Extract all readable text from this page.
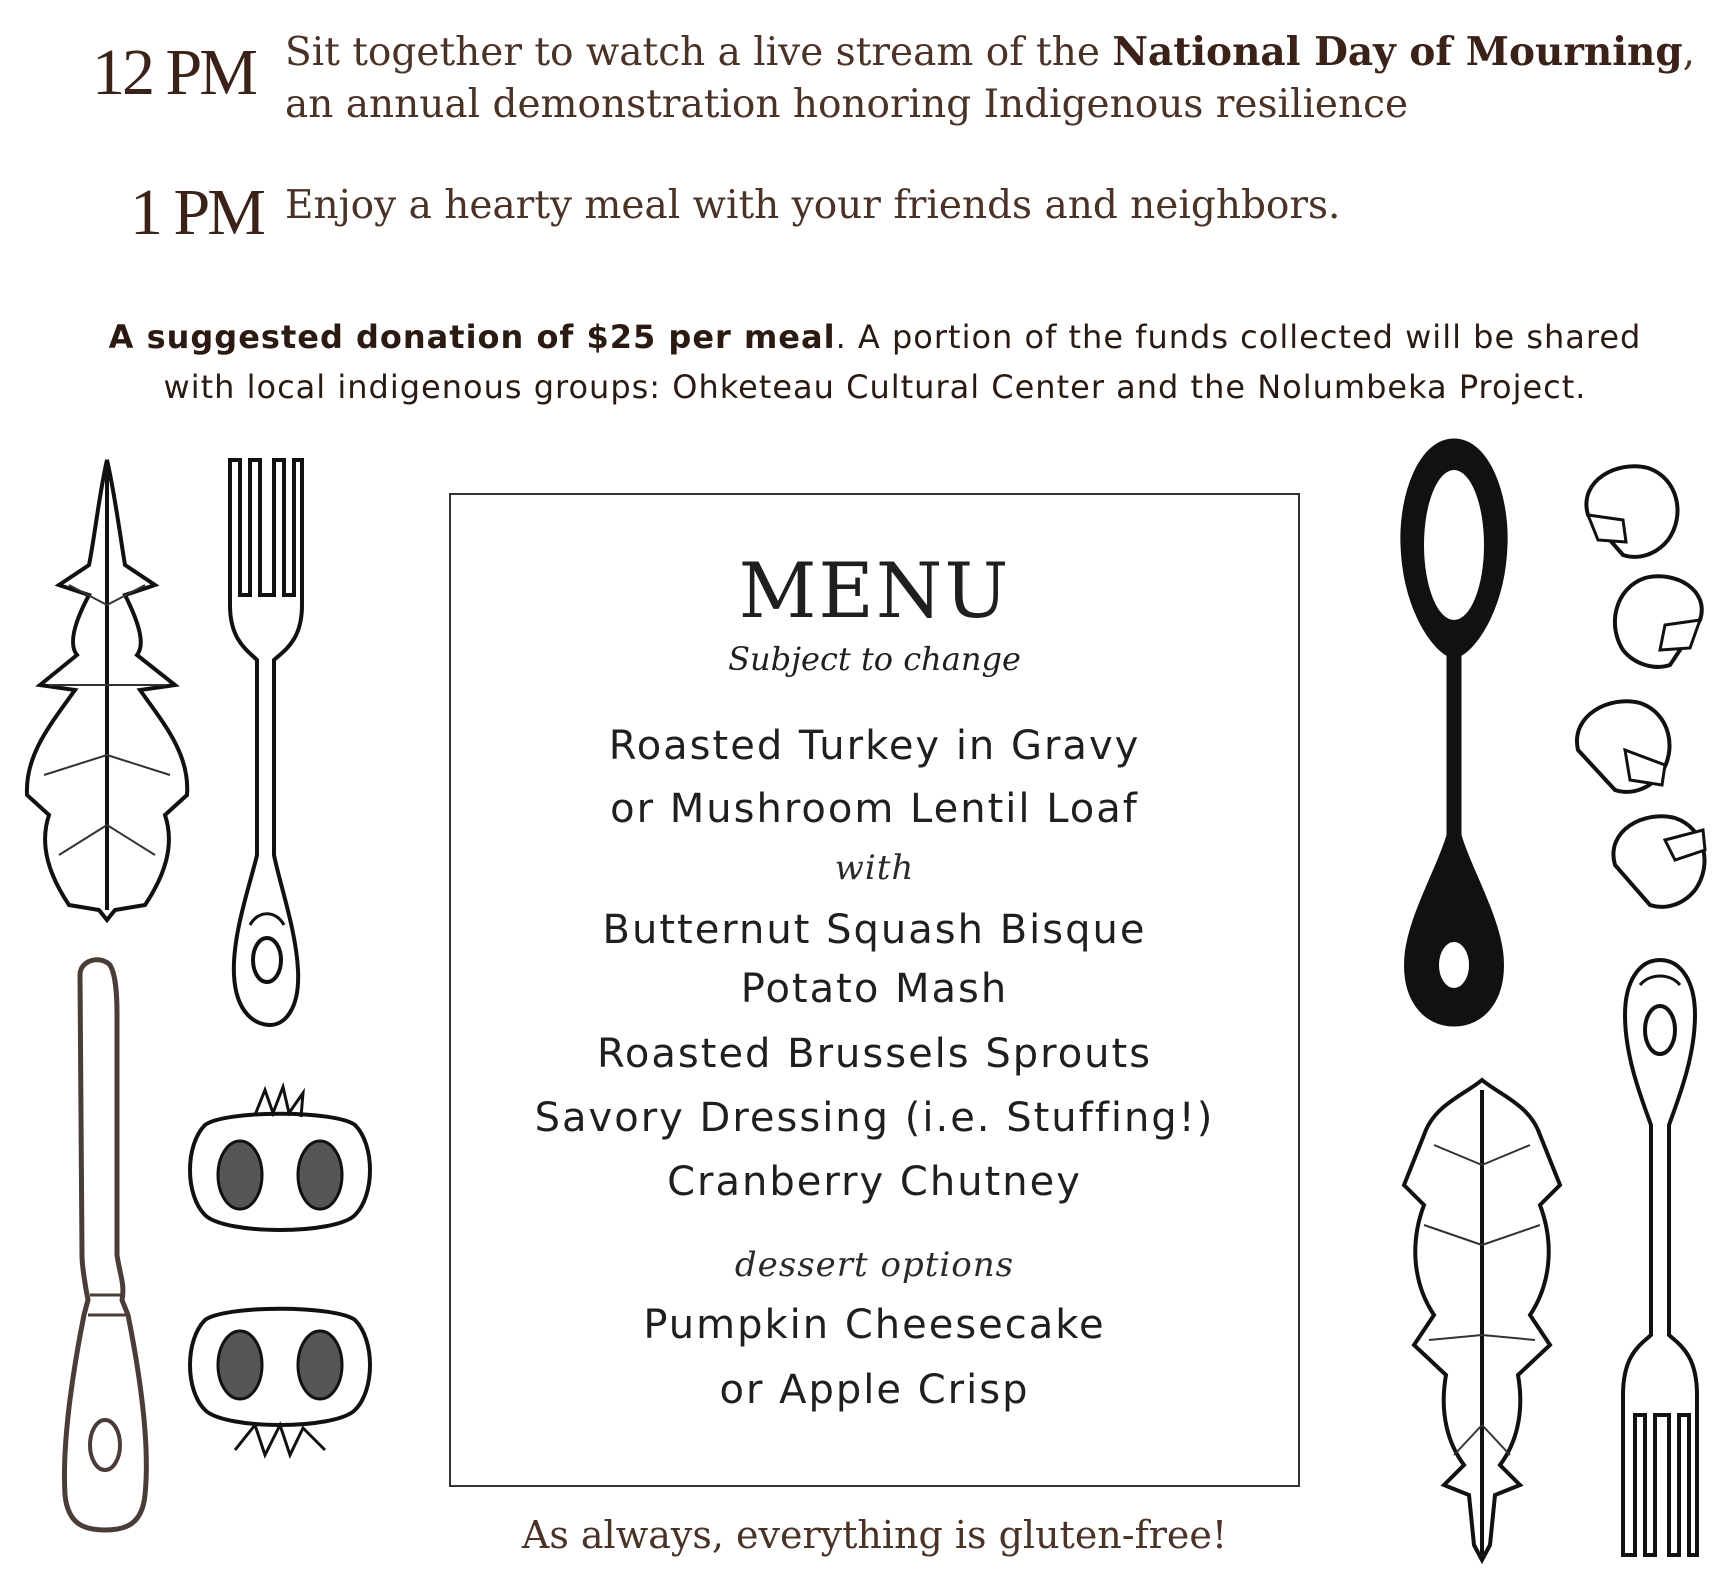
12 PM Sit together to watch a live stream of the National Day of Mourning,
an annual demonstration honoring Indigenous resilience
1 PM Enjoy a hearty meal with your friends and neighbors.
A suggested donation of $25 per meal. A portion of the funds collected will be shared
with local indigenous groups: Ohketeau Cultural Center and the Nolumbeka Project.
MENU
Subject to change
Roasted Turkey in Gravy
or Mushroom Lentil Loaf
with
Butternut Squash Bisque
Potato Mash
Roasted Brussels Sprouts
Savory Dressing (i.e. Stuffing!)
Cranberry Chutney
dessert options
Pumpkin Cheesecake
or Apple Crisp
As always, everything is gluten-free!
